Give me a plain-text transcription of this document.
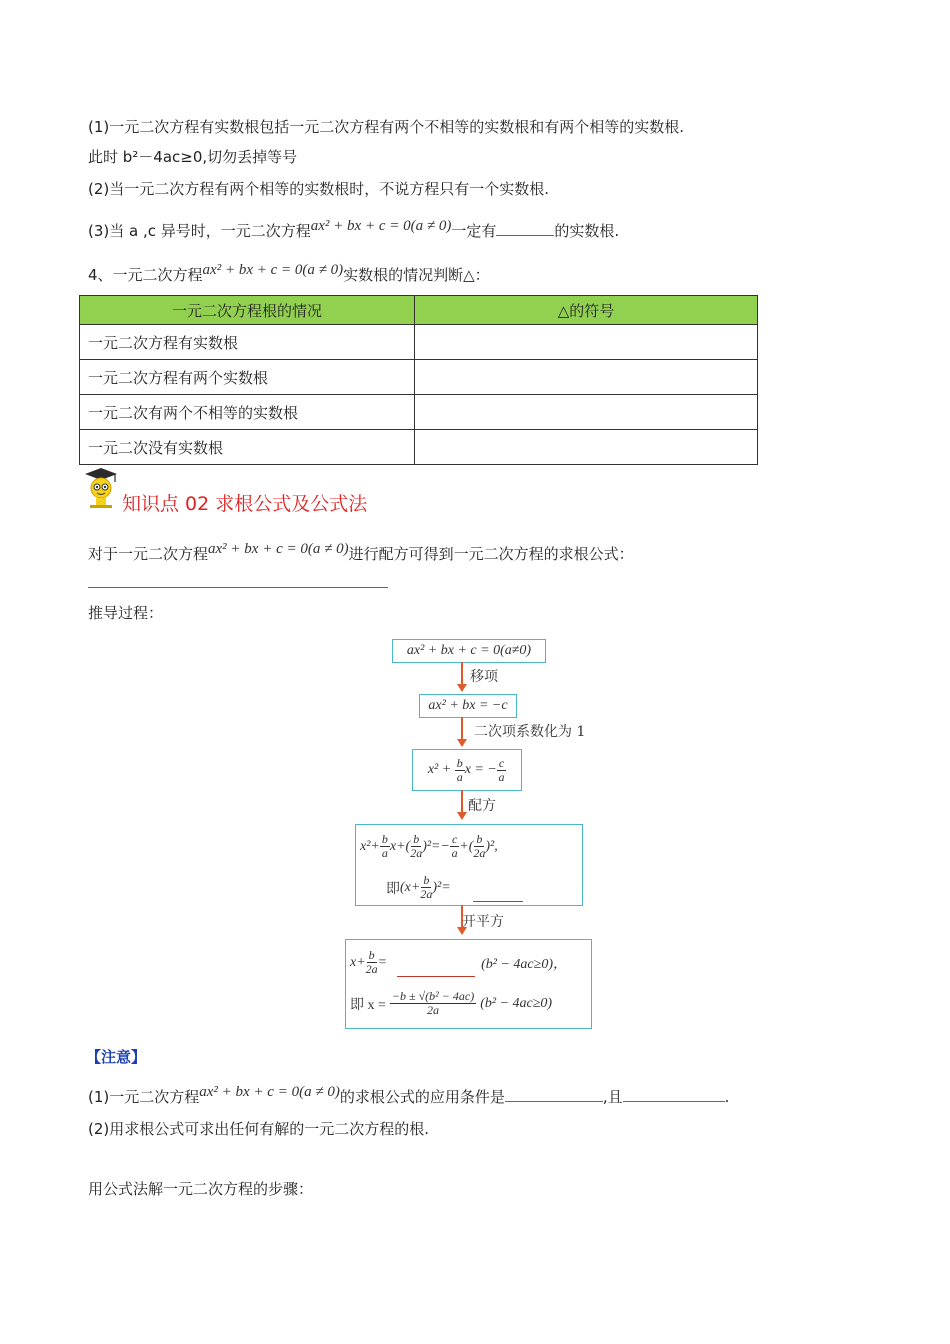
(1)一元二次方程有实数根包括一元二次方程有两个不相等的实数根和有两个相等的实数根.
此时 b²－4ac≥0,切勿丢掉等号
(2)当一元二次方程有两个相等的实数根时，不说方程只有一个实数根.
(3)当 a ,c 异号时，一元二次方程ax² + bx + c = 0(a ≠ 0)一定有	的实数根.
4、一元二次方程ax² + bx + c = 0(a ≠ 0)实数根的情况判断△：
一元二次方程根的情况	△的符号
一元二次方程有实数根	
一元二次方程有两个实数根	
一元二次有两个不相等的实数根	
一元二次没有实数根	
知识点 02 求根公式及公式法
对于一元二次方程ax² + bx + c = 0(a ≠ 0)进行配方可得到一元二次方程的求根公式：
推导过程：
ax² + bx + c = 0(a≠0)
移项
ax² + bx = −c
二次项系数化为 1
$x^2 + \frac{b}{a}$ x = − $\frac{c}{a}$
配方
$x^2+ \frac{b}{a} x+( \frac{b}{2a} )^2=- \frac{c}{a}$ +( $\frac{b}{2a} )^2$,
即 $(x+ \frac{b}{2a} )^2=$
开平方
$x+ \frac{b}{2a}$ =	(b² − 4ac≥0)，
即 $x = \frac{\text{−b ± √(b² − 4ac)}}{2a} (b^2 - 4ac\ge 0)$
【注意】
(1)一元二次方程ax² + bx + c = 0(a ≠ 0)的求根公式的应用条件是	,且	.
(2)用求根公式可求出任何有解的一元二次方程的根.
用公式法解一元二次方程的步骤：
